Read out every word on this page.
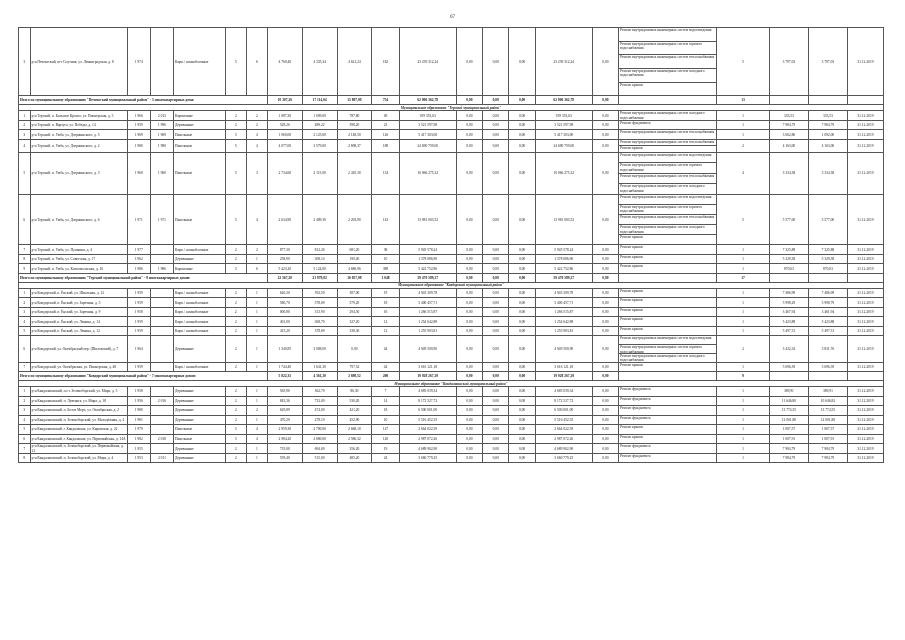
67
3	р-н Печенгский, пгт Спутник, ул. Ленинградская, д. 8	1 974		Кирп./ шлакоблочные	5	6	4 760,40	4 335,34	4 621,24	182	23 239 312,24	0,00	0,00	0,00	23 239 312,24	0,00	Ремонт внутридомовых инженерных систем водоотведения
Ремонт внутридомовых инженерных систем горячего водоснабжения
Ремонт внутридомовых инженерных систем теплоснабжения
Ремонт внутридомовых инженерных систем холодного водоснабжения
Ремонт крыши	5	3 797,03	3 797,03	31.12.2019
Итого по муниципальному образованию "Печенгский муниципальный район" - 3 многоквартирных дома:							10 307,26	17 114,04	15 807,09	754	62 806 362,78	0,00	0,00	0,00	62 806 362,78	0,00		13			
Муниципальное образование "Терский муниципальный район"																					
1	р-н Терский, п. Большое Краспо, ул. Пионерская, д. 3	1 966	2 013	Кирпичные	2	2	1 087,30	1 009,00	787,80	49	359 353,63	0,00	0,00	0,00	359 353,63	0,00	Ремонт внутридомовых инженерных систем холодного водоснабжения	1	333,53	333,53	31.12.2019
2	р-н Терский, п. Варзуга, ул. Победы, д. 14	1 959	1 996	Деревянные	2	2	528,26	489,22	398,20	23	3 521 597,98	0,00	0,00	0,00	3 521 597,98	0,00	Ремонт фундамента	1	7 984,79	7 984,79	31.12.2019
3	р-н Терский, п. Умба, ул. Дзержинского, д. 5	1 969	1 969	Панельные	5	4	1 060,00	2 125,00	2 148,50	126	5 417 303,00	0,00	0,00	0,00	5 417 303,00	0,00	Ремонт внутридомовых инженерных систем теплоснабжения	1	3 062,86	1 092,00	31.12.2019
4	р-н Терский, п. Умба, ул. Дзержинского, д. 2	1 980	1 980	Панельные	5	4	4 077,00	3 579,00	2 698,37	188	24 690 759,00	0,00	0,00	0,00	24 690 759,00	0,00	Ремонт внутридомовых инженерных систем теплоснабжения
Ремонт крыши	2	4 163,00	4 163,00	31.12.2019
5	р-н Терский, п. Умба, ул. Дзержинского, д. 3	1 960	1 960	Панельные	5	3	2 734,60	2 115,00	2 410,30	134	10 066 275,32	0,00	0,00	0,00	10 066 275,32	0,00	Ремонт внутридомовых инженерных систем водоотведения
Ремонт внутридомовых инженерных систем горячего водоснабжения
Ремонт внутридомовых инженерных систем теплоснабжения
Ремонт внутридомовых инженерных систем холодного водоснабжения	4	3 334,38	3 334,38	31.12.2019
6	р-н Терский, п. Умба, ул. Дзержинского, д. 6	1 971	1 971	Панельные	5	4	2 634,90	2 489,30	2 203,90	143	13 981 003,52	0,00	0,00	0,00	13 981 003,52	0,00	Ремонт внутридомовых инженерных систем водоотведения
Ремонт внутридомовых инженерных систем горячего водоснабжения
Ремонт внутридомовых инженерных систем теплоснабжения
Ремонт внутридомовых инженерных систем холодного водоснабжения
Ремонт крыши	5	5 577,00	5 577,00	31.12.2019
7	р-н Терский, п. Умба, ул. Пушкина, д. 4	1 977		Кирп./ шлакоблочные	2	2	877,30	812,26	681,20	38	5 945 578,24	0,00	0,00	0,00	5 945 578,24	0,00	Ремонт крыши	1	7 325,88	7 325,88	31.12.2019
8	р-н Терский, п. Умба, ул. Советская, д. 17	1 962		Деревянные	2	1	258,90	308,14	190,40	10	1 378 086,90	0,00	0,00	0,00	1 378 086,90	0,00	Ремонт крыши	1	5 329,38	5 329,38	31.12.2019
9	р-н Терский, п. Умба, ул. Комсомольская, д. 10	1 986	1 986	Кирпичные	3	6	5 423,20	5 124,00	4 686,96	389	5 422 752,86	0,00	0,00	0,00	5 422 752,86	0,00	Ремонт крыши	1	870,63	870,63	31.12.2019
Итого по муниципальному образованию "Терский муниципальный район" - 9 многоквартирных домов:							22 567,20	21 979,82	16 057,08	1 048	59 470 589,27	0,00	0,00	0,00	59 470 589,27	0,00		17			
Муниципальное образование "Ковдорский муниципальный район"																					
1	р-н Ковдорский, п. Ёнский, ул. Школьная, д. 12	1 959		Кирп./ шлакоблочные	2	1	626,30	592,50	387,00	19	4 943 309,78	0,00	0,00	0,00	4 943 309,78	0,00	Ремонт крыши	1	7 486,99	7 486,99	31.12.2019
2	р-н Ковдорский, п. Ёнский, ул. Заречная, д. 5	1 959		Кирп./ шлакоблочные	2	1	580,70	578,69	579,20	18	3 400 457,71	0,00	0,00	0,00	3 400 457,71	0,00	Ремонт крыши	1	5 998,29	5 998,79	31.12.2019
3	р-н Ковдорский, п. Ёнский, ул. Заречная, д. 9	1 958		Кирп./ шлакоблочные	2	1	000,80	313,90	294,30	16	1 266 515,87	0,00	0,00	0,00	1 266 515,87	0,00	Ремонт крыши	1	3 467,94	3 461,94	31.12.2019
4	р-н Ковдорский, п. Ёнский, ул. Ленина, д. 14	1 959		Кирп./ шлакоблочные	2	1	401,00	368,70	327,20	12	1 254 642,88	0,00	0,00	0,00	1 254 642,88	0,00	Ремонт крыши	1	5 423,88	5 423,88	31.12.2019
5	р-н Ковдорский, п. Ёнский, ул. Ленина, д. 12	1 959		Кирп./ шлакоблочные	2	1	415,20	378,69	338,30	12	1 255 903,81	0,00	0,00	0,00	1 255 903,81	0,00	Ремонт крыши	1	5 497,31	5 497,31	31.12.2019
6	р-н Ковдорский, ул. Октябрьский пер. (Шиловский), д. 7	1 964		Деревянные	2	1	1 340,85	3 008,00	0,00	44	4 949 500,90	0,00	0,00	0,00	4 949 500,90	0,00	Ремонт внутридомовых инженерных систем водоотведения
Ремонт внутридомовых инженерных систем горячего водоснабжения
Ремонт внутридомовых инженерных систем холодного водоснабжения	2	3 432,34	3 831,76	31.12.2019
7	р-н Ковдорский, ул. Октябрьская, ул. Пионерская, д. 40	1 959		Кирп./ шлакоблочные	2	1	1 744,40	1 641,30	797,52	42	3 616 121,18	0,00	0,00	0,00	3 616 121,18	0,00	Ремонт крыши	1	5 696,39	5 696,39	31.12.2019
Итого по муниципальному образованию "Ковдорский муниципальный район" - 7 многоквартирных домов:							5 822,35	4 361,20	2 698,52	200	19 928 267,29	0,00	0,00	0,00	19 928 267,29	0,00		9			
Муниципальное образование "Кандалакшский муниципальный район"																					
1	р-н Кандалакшский, п.г.т. Зеленоборский, ул. Мира, д. 5	1 958		Деревянные	2	1	565,96	362,70	86,30	7	4 685 039,34	0,00	0,00	0,00	4 685 039,34	0,00	Ремонт фундамента	1	389,91	389,91	31.12.2019
2	р-н Кандалакшский, п. Лувеньга, ул. Мира, д. 18	1 956	2 016	Деревянные	2	1	843,36	723,00	530,20	14	8 172 527,72	0,00	0,00	0,00	8 172 527,72	0,00	Ремонт фундамента	1	11 646,80	10 646,82	31.12.2019
3	р-н Кандалакшский, п. Белое Море, ул. Октябрьская, д. 2	1 980		Деревянные	2	2	629,89	474,00	421,20	18	6 500 001,00	0,00	0,00	0,00	6 500 001,00	0,00	Ремонт фундамента	1	13 774,55	13 774,55	31.12.2019
4	р-н Кандалакшский, п. Зеленоборский, ул. Молодёжная, д. 4	1 981		Деревянные	2	1	470,20	278,10	452,90	10	5 516 452,35	0,00	0,00	0,00	5 516 452,35	0,00	Ремонт фундамента	1	12 001,80	12 001,80	31.12.2019
5	р-н Кандалакшский, г. Кандалакша, ул. Кировская, д. 22	1 979		Панельные	5	4	2 959,30	2 700,00	2 668,10	127	2 664 022,59	0,00	0,00	0,00	2 664 022,59	0,00	Ремонт крыши	1	1 007,57	1 007,57	31.12.2019
6	р-н Кандалакшский, г. Кандалакша, ул. Первомайская, д. 14А	1 982	2 018	Панельные	5	4	2 984,20	2 680,00	2 586,32	120	2 987 072,26	0,00	0,00	0,00	2 987 072,26	0,00	Ремонт крыши	1	1 007,91	1 007,91	31.12.2019
7	р-н Кандалакшский, п. Зеленоборский, ул. Первомайская, д. 21	1 955		Деревянные	2	1	735,00	694,69	356,20	19	4 689 902,90	0,00	0,00	0,00	4 689 902,90	0,00	Ремонт фундамента	1	7 984,79	7 984,79	31.12.2019
8	р-н Кандалакшский, п. Зеленоборский, ул. Мира, д. 4	1 953	2 011	Деревянные	2	1	559,40	515,00	485,20	24	3 660 779,25	0,00	0,00	0,00	3 660 779,25	0,00	Ремонт фундамента	1	7 984,79	7 984,79	31.12.2019
